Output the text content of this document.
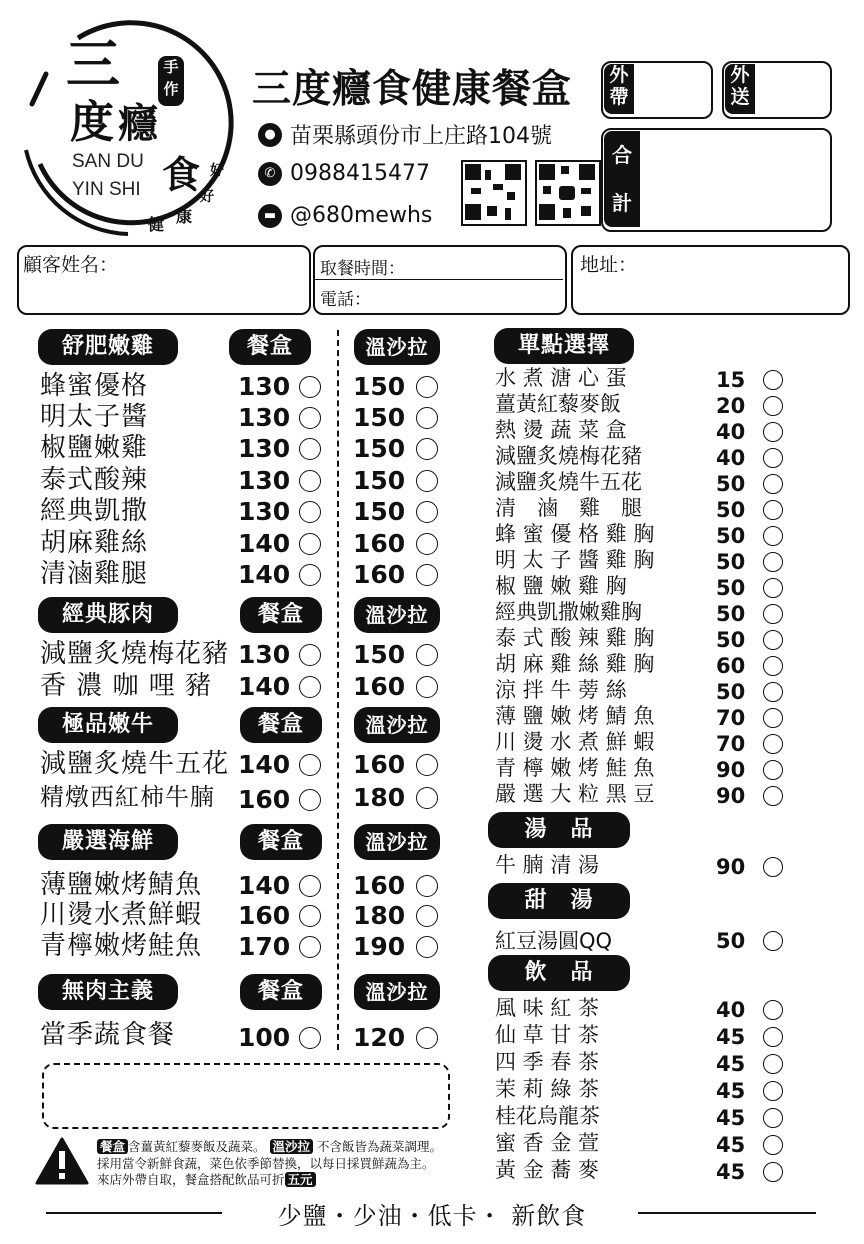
三
度 癮
食
手
作
SAN DU
YIN SHI
健 康
好
好
三度癮食健康餐盒
● 苗栗縣頭份市上庄路104號
✆ 0988415477
▬ @680mewhs
外
帶
外
送
合
計
顧客姓名：	取餐時間：
電話：
地址：
舒肥嫩雞	餐盒	溫沙拉
蜂蜜優格	130	150
明太子醬	130	150
椒鹽嫩雞	130	150
泰式酸辣	130	150
經典凱撒	130	150
胡麻雞絲	140	160
清滷雞腿	140	160
經典豚肉	餐盒	溫沙拉
減鹽炙燒梅花豬 130	150
香 濃 咖 哩 豬 140	160
極品嫩牛	餐盒	溫沙拉
減鹽炙燒牛五花 140	160
精燉西紅柿牛腩 160	180
嚴選海鮮	餐盒	溫沙拉
薄鹽嫩烤鯖魚 140	160
川燙水煮鮮蝦 160	180
青檸嫩烤鮭魚 170	190
無肉主義	餐盒	溫沙拉
當季蔬食餐	100	120
餐盒 含薑黃紅藜麥飯及蔬菜。 溫沙拉 不含飯皆為蔬菜調理。
採用當令新鮮食蔬，菜色依季節替換，以每日採買鮮蔬為主。
來店外帶自取，餐盒搭配飲品可折 五元
單點選擇
水 煮 溏 心 蛋	15
薑黃紅藜麥飯	20
熱 燙 蔬 菜 盒	40
減鹽炙燒梅花豬	40
減鹽炙燒牛五花	50
清　滷　雞　腿	50
蜂 蜜 優 格 雞 胸	50
明 太 子 醬 雞 胸	50
椒 鹽 嫩 雞 胸	50
經典凱撒嫩雞胸	50
泰 式 酸 辣 雞 胸	50
胡 麻 雞 絲 雞 胸	60
涼 拌 牛 蒡 絲	50
薄 鹽 嫩 烤 鯖 魚	70
川 燙 水 煮 鮮 蝦	70
青 檸 嫩 烤 鮭 魚	90
嚴 選 大 粒 黑 豆	90
湯　品
牛 腩 清 湯	90
甜　湯
紅豆湯圓QQ	50
飲　品
風 味 紅 茶	40
仙 草 甘 茶	45
四 季 春 茶	45
茉 莉 綠 茶	45
桂花烏龍茶	45
蜜 香 金 萱	45
黃 金 蕎 麥	45
少鹽・少油・低卡・ 新飲食
